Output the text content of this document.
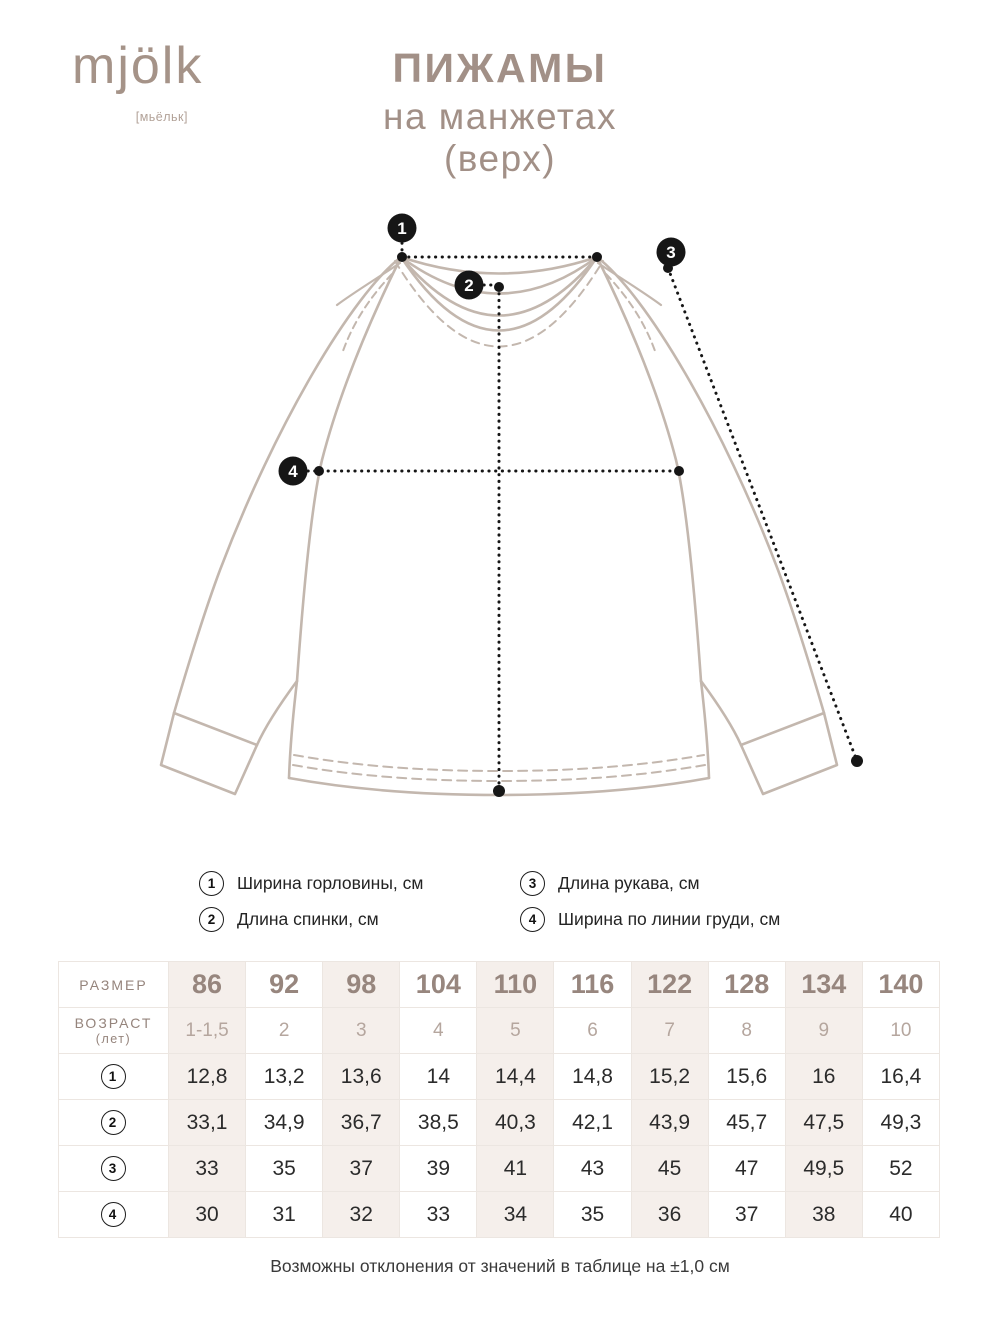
mjölk
[мьёльк]
ПИЖАМЫ
на манжетах
(верх)
1
2
3
4
1	Ширина горловины, см
2	Длина спинки, см
3	Длина рукава, см
4	Ширина по линии груди, см
РАЗМЕР	86	92	98	104	110	116	122	128	134	140

ВОЗРАСТ
(лет)	1-1,5	2	3	4	5	6	7	8	9	10
1	12,8	13,2	13,6	14	14,4	14,8	15,2	15,6	16	16,4
2	33,1	34,9	36,7	38,5	40,3	42,1	43,9	45,7	47,5	49,3
3	33	35	37	39	41	43	45	47	49,5	52
4	30	31	32	33	34	35	36	37	38	40
Возможны отклонения от значений в таблице на ±1,0 см
